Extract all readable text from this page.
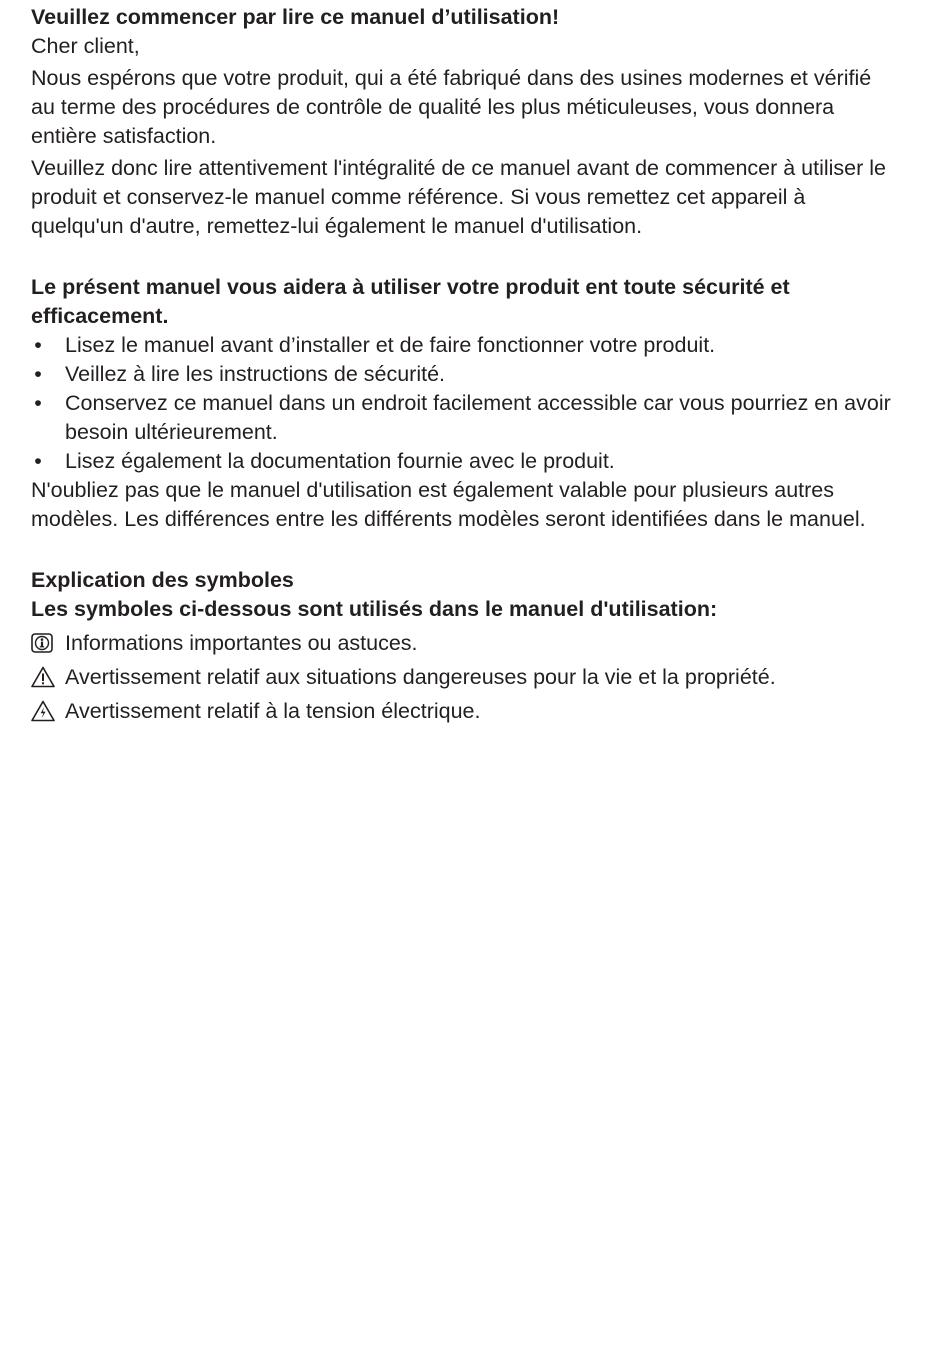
Veuillez commencer par lire ce manuel d’utilisation!

Cher client,

Nous espérons que votre produit, qui a été fabriqué dans des usines modernes et vérifié au terme des procédures de contrôle de qualité les plus méticuleuses, vous donnera entière satisfaction.

Veuillez donc lire attentivement l'intégralité de ce manuel avant de commencer à utiliser le produit et conservez-le manuel comme référence. Si vous remettez cet appareil à quelqu'un d'autre, remettez-lui également le manuel d'utilisation.

Le présent manuel vous aidera à utiliser votre produit ent toute sécurité et efficacement.

• Lisez le manuel avant d’installer et de faire fonctionner votre produit.
• Veillez à lire les instructions de sécurité.
• Conservez ce manuel dans un endroit facilement accessible car vous pourriez en avoir besoin ultérieurement.
• Lisez également la documentation fournie avec le produit.

N'oubliez pas que le manuel d'utilisation est également valable pour plusieurs autres modèles. Les différences entre les différents modèles seront identifiées dans le manuel.

Explication des symboles

Les symboles ci-dessous sont utilisés dans le manuel d'utilisation:

Informations importantes ou astuces.
Avertissement relatif aux situations dangereuses pour la vie et la propriété.
Avertissement relatif à la tension électrique.
